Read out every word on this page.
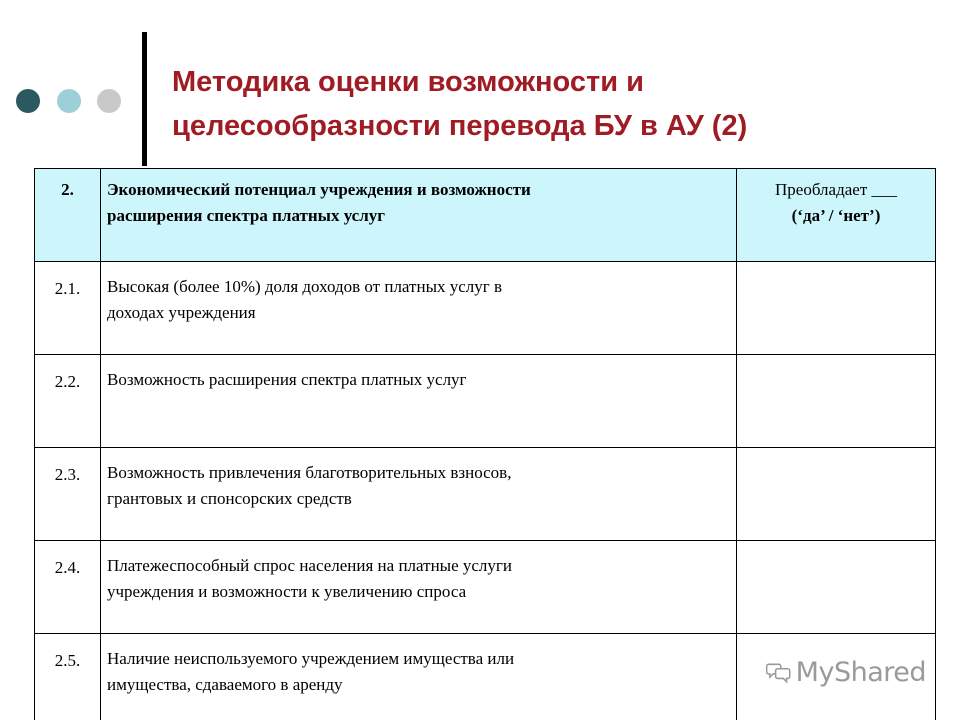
Методика оценки возможности и
целесообразности перевода БУ в АУ (2)
2.	Экономический потенциал учреждения и возможности
расширения спектра платных услуг	Преобладает ___
(‘да’ / ‘нет’)

2.1.	Высокая (более 10%) доля доходов от платных услуг в
доходах учреждения	

2.2.	Возможность расширения спектра платных услуг	

2.3.	Возможность привлечения благотворительных взносов,
грантовых и спонсорских средств	

2.4.	Платежеспособный спрос населения на платные услуги
учреждения и возможности к увеличению спроса	

2.5.	Наличие неиспользуемого учреждением имущества или
имущества, сдаваемого в аренду	
		MyShared
